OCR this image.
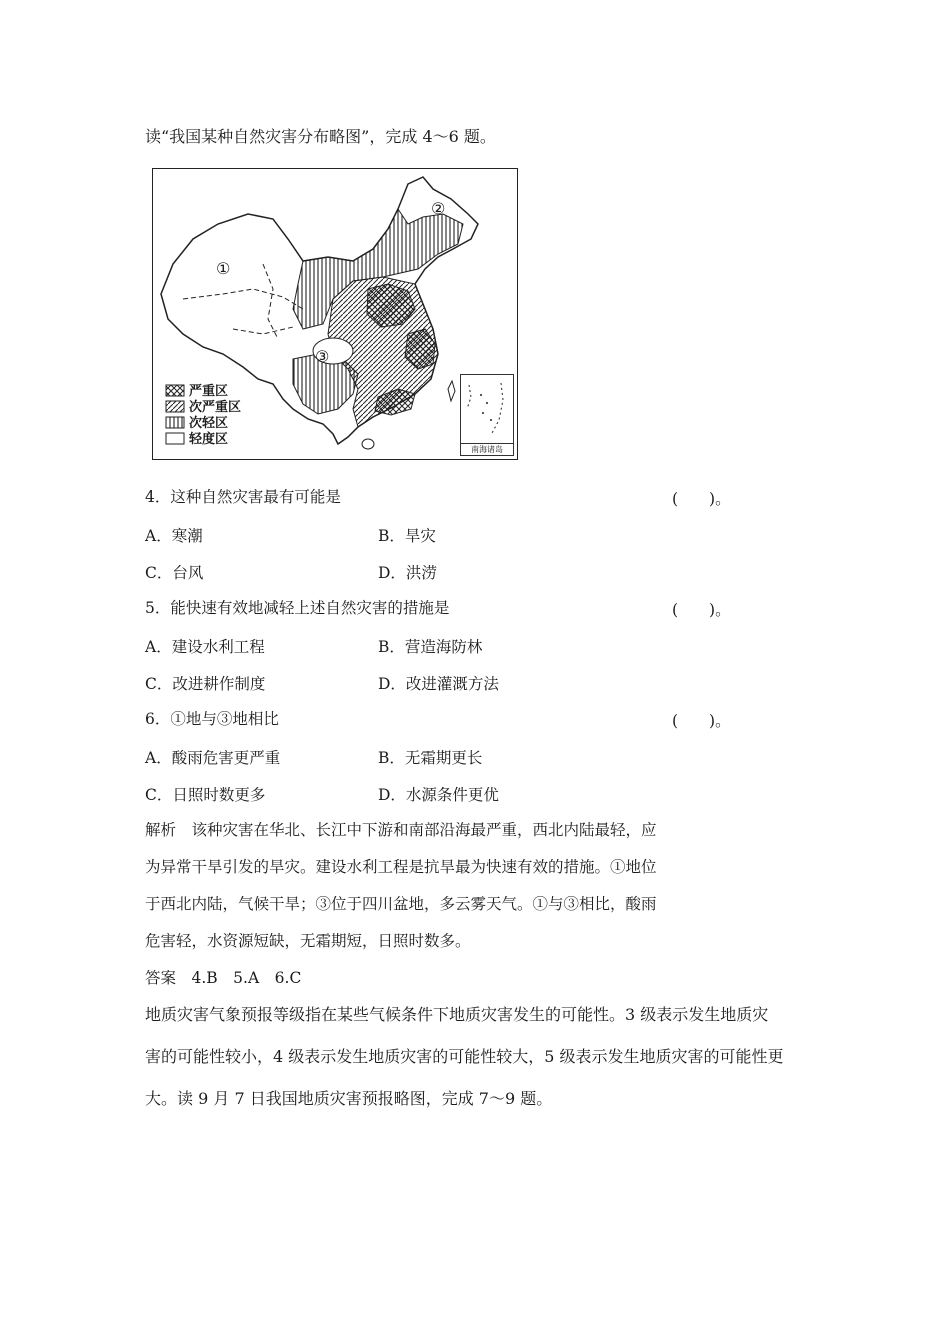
读“我国某种自然灾害分布略图”，完成 4～6 题。
①
②
③
严重区
次严重区
次轻区
轻度区
南海诸岛
4．这种自然灾害最有可能是	(　　)。
A．寒潮	B．旱灾
C．台风	D．洪涝
5．能快速有效地减轻上述自然灾害的措施是	(　　)。
A．建设水利工程	B．营造海防林
C．改进耕作制度	D．改进灌溉方法
6．①地与③地相比	(　　)。
A．酸雨危害更严重	B．无霜期更长
C．日照时数更多	D．水源条件更优
解析　该种灾害在华北、长江中下游和南部沿海最严重，西北内陆最轻，应
为异常干旱引发的旱灾。建设水利工程是抗旱最为快速有效的措施。①地位
于西北内陆，气候干旱；③位于四川盆地，多云雾天气。①与③相比，酸雨
危害轻，水资源短缺，无霜期短，日照时数多。
答案　4.B　5.A　6.C
地质灾害气象预报等级指在某些气候条件下地质灾害发生的可能性。3 级表示发生地质灾
害的可能性较小，4 级表示发生地质灾害的可能性较大，5 级表示发生地质灾害的可能性更
大。读 9 月 7 日我国地质灾害预报略图，完成 7～9 题。
